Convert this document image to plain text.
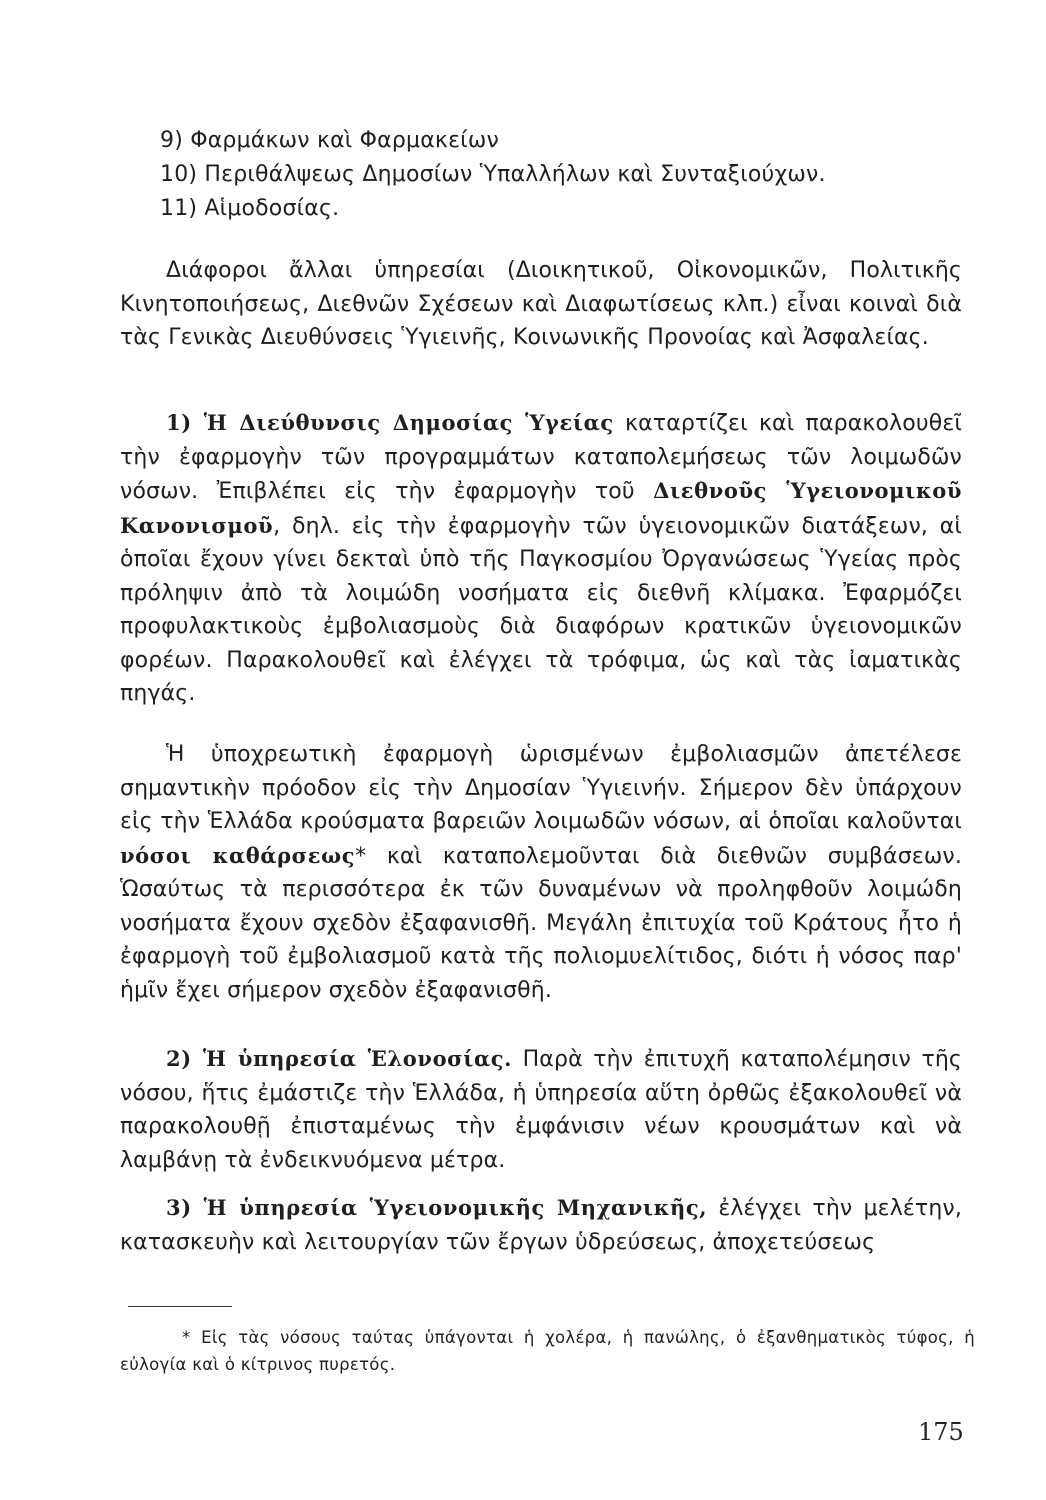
9) Φαρμάκων καὶ Φαρμακείων
10) Περιθάλψεως Δημοσίων Ὑπαλλήλων καὶ Συνταξιούχων.
11) Αἱμοδοσίας.

Διάφοροι ἄλλαι ὑπηρεσίαι (Διοικητικοῦ, Οἰκονομικῶν, Πολιτικῆς Κινητοποιήσεως, Διεθνῶν Σχέσεων καὶ Διαφωτίσεως κλπ.) εἶναι κοιναὶ διὰ τὰς Γενικὰς Διευθύνσεις Ὑγιεινῆς, Κοινωνικῆς Προνοίας καὶ Ἀσφαλείας.

1) Ἡ Διεύθυνσις Δημοσίας Ὑγείας καταρτίζει καὶ παρακολουθεῖ τὴν ἐφαρμογὴν τῶν προγραμμάτων καταπολεμήσεως τῶν λοιμωδῶν νόσων. Ἐπιβλέπει εἰς τὴν ἐφαρμογὴν τοῦ Διεθνοῦς Ὑγειονομικοῦ Κανονισμοῦ, δηλ. εἰς τὴν ἐφαρμογὴν τῶν ὑγειονομικῶν διατάξεων, αἱ ὁποῖαι ἔχουν γίνει δεκταὶ ὑπὸ τῆς Παγκοσμίου Ὀργανώσεως Ὑγείας πρὸς πρόληψιν ἀπὸ τὰ λοιμώδη νοσήματα εἰς διεθνῆ κλίμακα. Ἐφαρμόζει προφυλακτικοὺς ἐμβολιασμοὺς διὰ διαφόρων κρατικῶν ὑγειονομικῶν φορέων. Παρακολουθεῖ καὶ ἐλέγχει τὰ τρόφιμα, ὡς καὶ τὰς ἰαματικὰς πηγάς.

Ἡ ὑποχρεωτικὴ ἐφαρμογὴ ὡρισμένων ἐμβολιασμῶν ἀπετέλεσε σημαντικὴν πρόοδον εἰς τὴν Δημοσίαν Ὑγιεινήν. Σήμερον δὲν ὑπάρχουν εἰς τὴν Ἑλλάδα κρούσματα βαρειῶν λοιμωδῶν νόσων, αἱ ὁποῖαι καλοῦνται νόσοι καθάρσεως* καὶ καταπολεμοῦνται διὰ διεθνῶν συμβάσεων. Ὡσαύτως τὰ περισσότερα ἐκ τῶν δυναμένων νὰ προληφθοῦν λοιμώδη νοσήματα ἔχουν σχεδὸν ἐξαφανισθῆ. Μεγάλη ἐπιτυχία τοῦ Κράτους ἦτο ἡ ἐφαρμογὴ τοῦ ἐμβολιασμοῦ κατὰ τῆς πολιομυελίτιδος, διότι ἡ νόσος παρ' ἡμῖν ἔχει σήμερον σχεδὸν ἐξαφανισθῆ.

2) Ἡ ὑπηρεσία Ἑλονοσίας. Παρὰ τὴν ἐπιτυχῆ καταπολέμησιν τῆς νόσου, ἥτις ἐμάστιζε τὴν Ἑλλάδα, ἡ ὑπηρεσία αὕτη ὀρθῶς ἐξακολουθεῖ νὰ παρακολουθῇ ἐπισταμένως τὴν ἐμφάνισιν νέων κρουσμάτων καὶ νὰ λαμβάνῃ τὰ ἐνδεικνυόμενα μέτρα.

3) Ἡ ὑπηρεσία Ὑγειονομικῆς Μηχανικῆς, ἐλέγχει τὴν μελέτην, κατασκευὴν καὶ λειτουργίαν τῶν ἔργων ὑδρεύσεως, ἀποχετεύσεως

* Εἰς τὰς νόσους ταύτας ὑπάγονται ἡ χολέρα, ἡ πανώλης, ὁ ἐξανθηματικὸς τύφος, ἡ εὐλογία καὶ ὁ κίτρινος πυρετός.

175
